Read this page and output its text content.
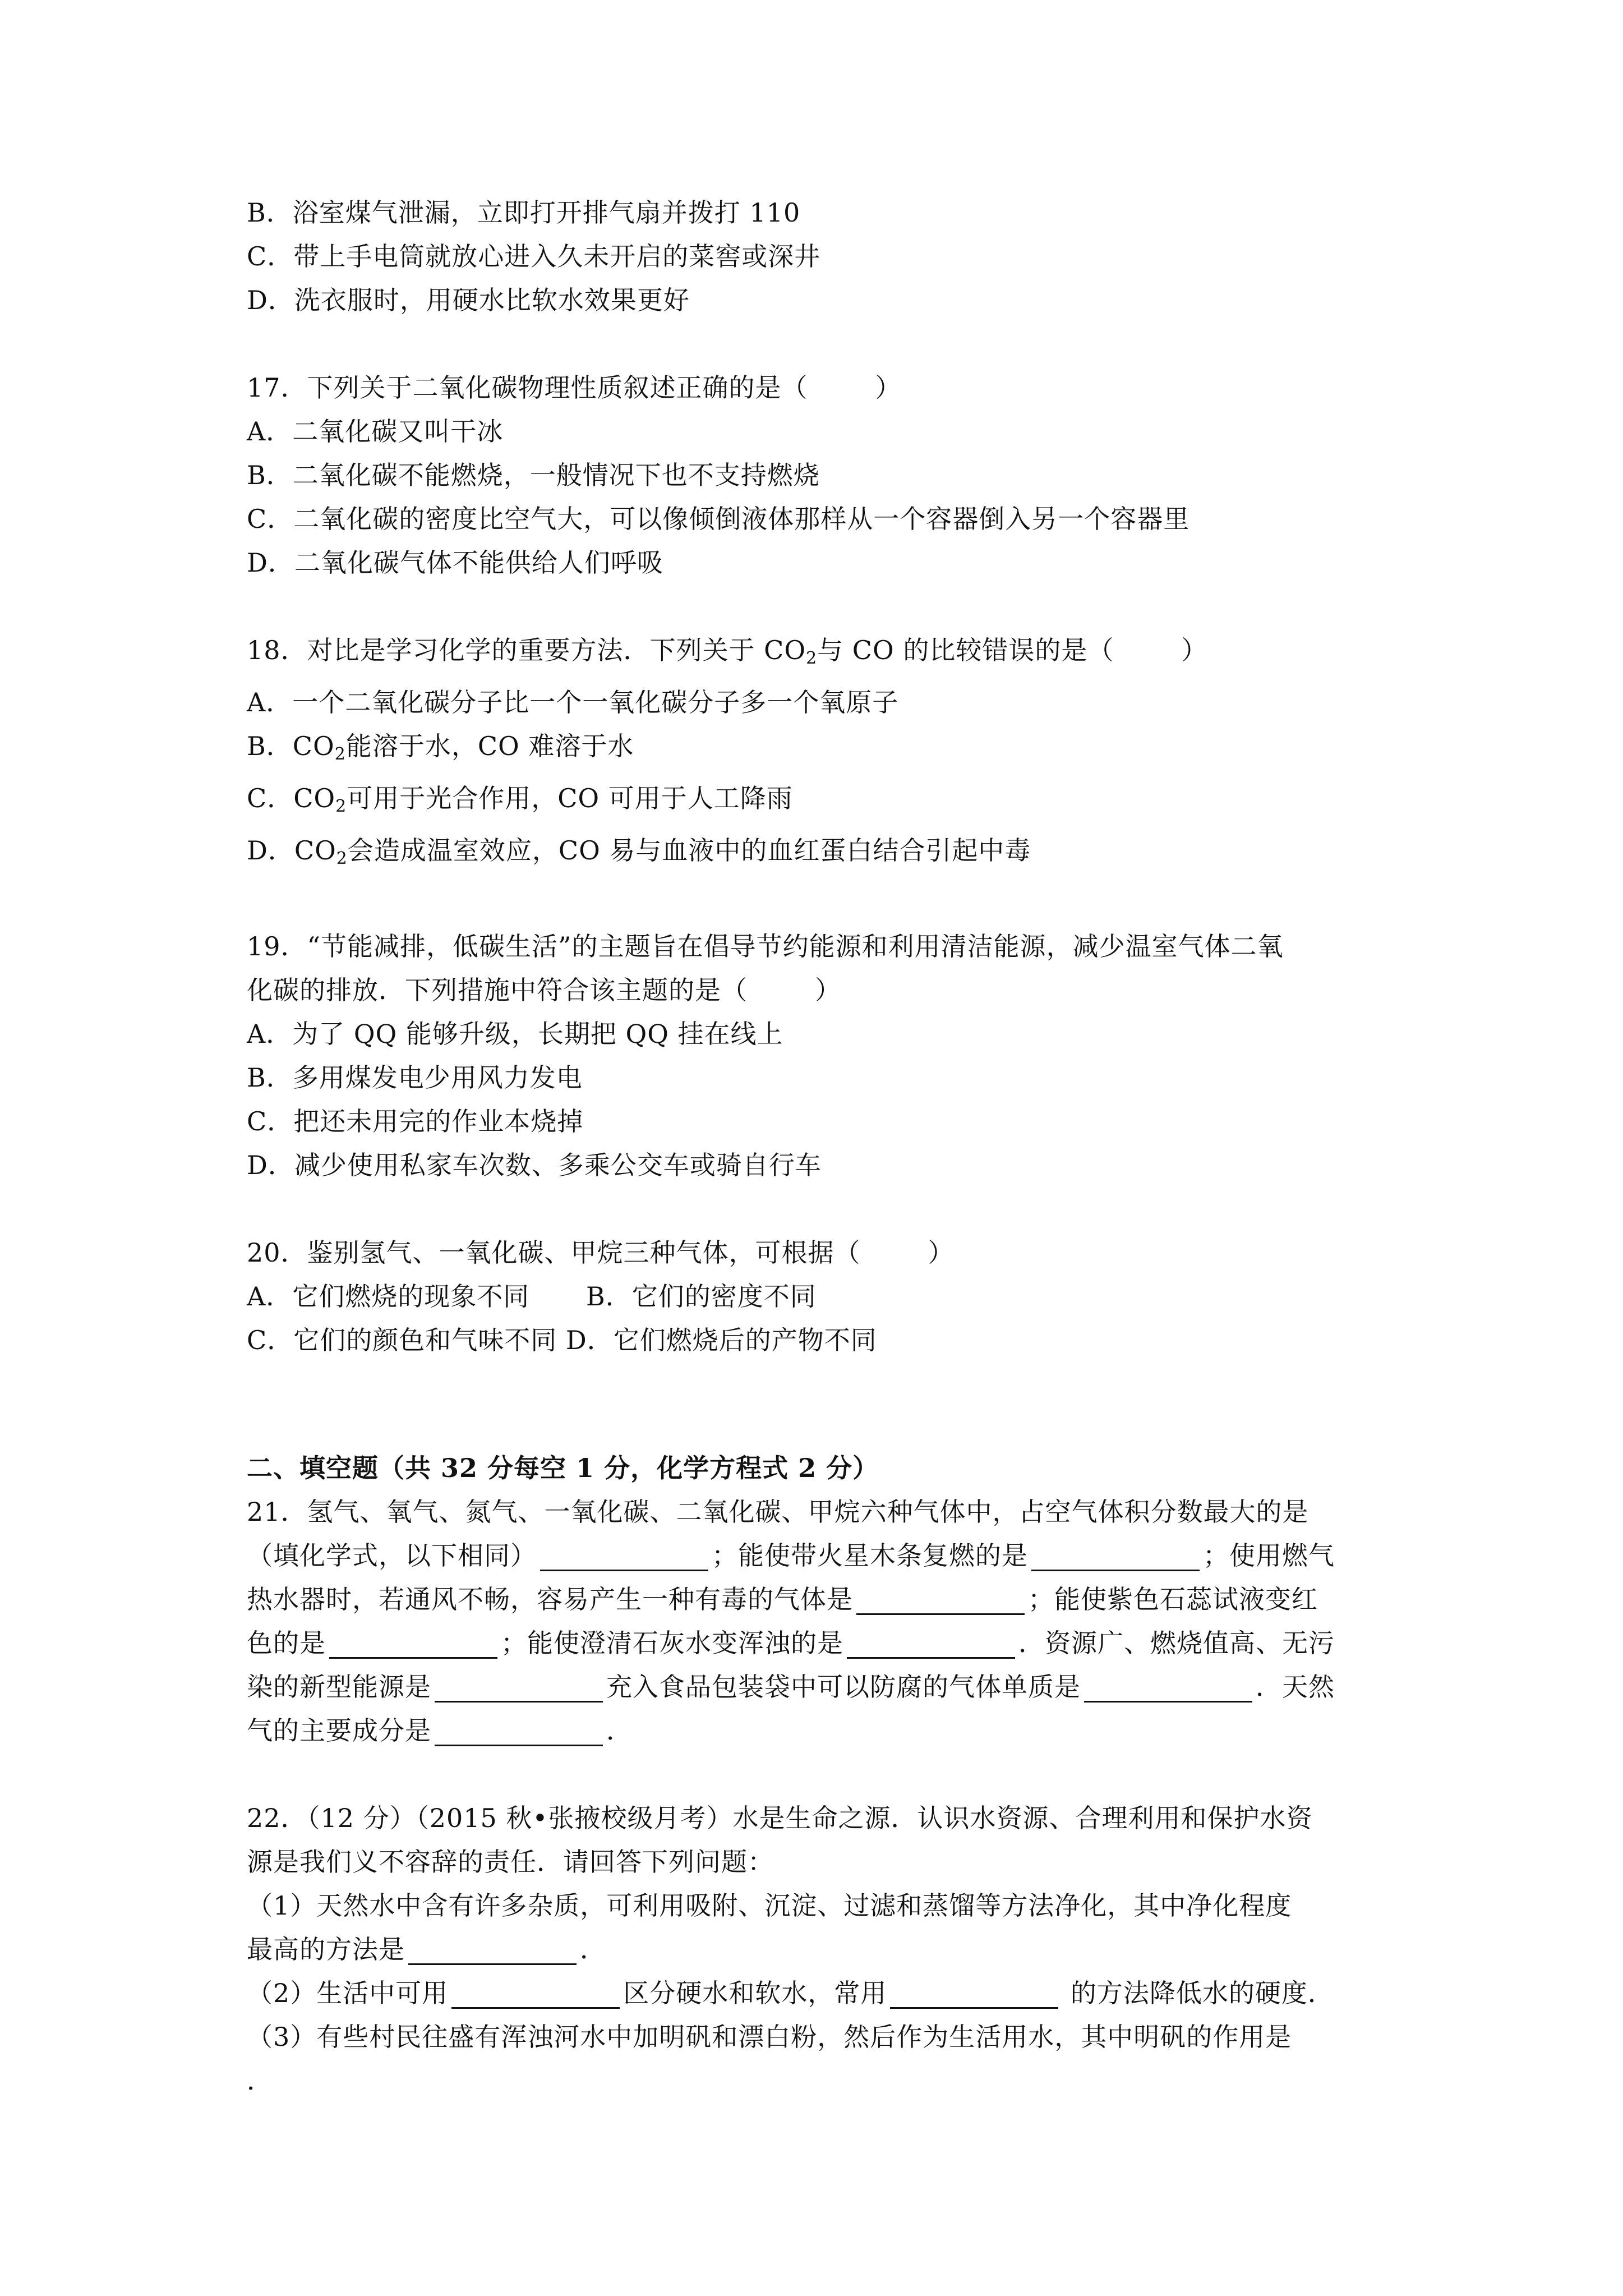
B．浴室煤气泄漏，立即打开排气扇并拨打 110
C．带上手电筒就放心进入久未开启的菜窖或深井
D．洗衣服时，用硬水比软水效果更好
17．下列关于二氧化碳物理性质叙述正确的是（	）
A．二氧化碳又叫干冰
B．二氧化碳不能燃烧，一般情况下也不支持燃烧
C．二氧化碳的密度比空气大，可以像倾倒液体那样从一个容器倒入另一个容器里
D．二氧化碳气体不能供给人们呼吸
18．对比是学习化学的重要方法．下列关于 $CO_2$与 CO 的比较错误的是（	）
A．一个二氧化碳分子比一个一氧化碳分子多一个氧原子
B．$CO_2$能溶于水，CO 难溶于水
C．$CO_2$可用于光合作用，CO 可用于人工降雨
D．$CO_2$会造成温室效应，CO 易与血液中的血红蛋白结合引起中毒
19．“节能减排，低碳生活”的主题旨在倡导节约能源和利用清洁能源，减少温室气体二氧
化碳的排放．下列措施中符合该主题的是（	）
A．为了 QQ 能够升级，长期把 QQ 挂在线上
B．多用煤发电少用风力发电
C．把还未用完的作业本烧掉
D．减少使用私家车次数、多乘公交车或骑自行车
20．鉴别氢气、一氧化碳、甲烷三种气体，可根据（	）
A．它们燃烧的现象不同 B．它们的密度不同
C．它们的颜色和气味不同 D．它们燃烧后的产物不同
二、填空题（共 32 分每空 1 分，化学方程式 2 分）
21．氢气、氧气、氮气、一氧化碳、二氧化碳、甲烷六种气体中，占空气体积分数最大的是
（填化学式，以下相同）	；能使带火星木条复燃的是	；使用燃气
热水器时，若通风不畅，容易产生一种有毒的气体是	；能使紫色石蕊试液变红
色的是	；能使澄清石灰水变浑浊的是	．资源广、燃烧值高、无污
染的新型能源是	充入食品包装袋中可以防腐的气体单质是	．天然
气的主要成分是	．
22．（12 分）（2015 秋•张掖校级月考）水是生命之源．认识水资源、合理利用和保护水资
源是我们义不容辞的责任．请回答下列问题：
（1）天然水中含有许多杂质，可利用吸附、沉淀、过滤和蒸馏等方法净化，其中净化程度
最高的方法是	．
（2）生活中可用	区分硬水和软水，常用	的方法降低水的硬度．
（3）有些村民往盛有浑浊河水中加明矾和漂白粉，然后作为生活用水，其中明矾的作用是
．
